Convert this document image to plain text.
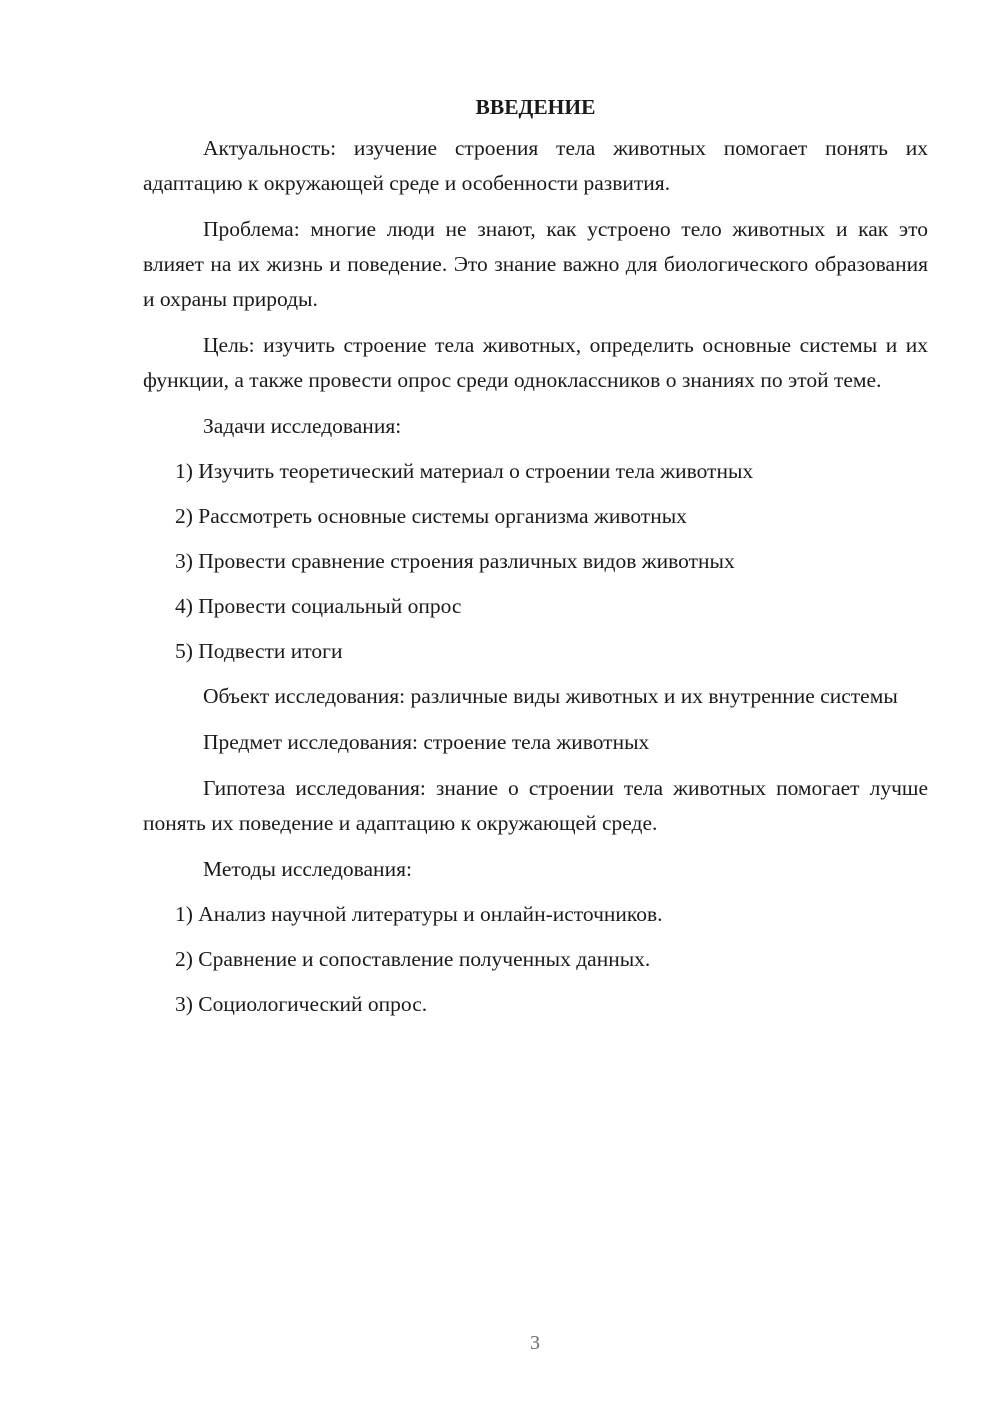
ВВЕДЕНИЕ

Актуальность: изучение строения тела животных помогает понять их адаптацию к окружающей среде и особенности развития.

Проблема: многие люди не знают, как устроено тело животных и как это влияет на их жизнь и поведение. Это знание важно для биологического образования и охраны природы.

Цель: изучить строение тела животных, определить основные системы и их функции, а также провести опрос среди одноклассников о знаниях по этой теме.

Задачи исследования:

1) Изучить теоретический материал о строении тела животных

2) Рассмотреть основные системы организма животных

3) Провести сравнение строения различных видов животных

4) Провести социальный опрос

5) Подвести итоги

Объект исследования: различные виды животных и их внутренние системы

Предмет исследования: строение тела животных

Гипотеза исследования: знание о строении тела животных помогает лучше понять их поведение и адаптацию к окружающей среде.

Методы исследования:

1) Анализ научной литературы и онлайн-источников.

2) Сравнение и сопоставление полученных данных.

3) Социологический опрос.

3
